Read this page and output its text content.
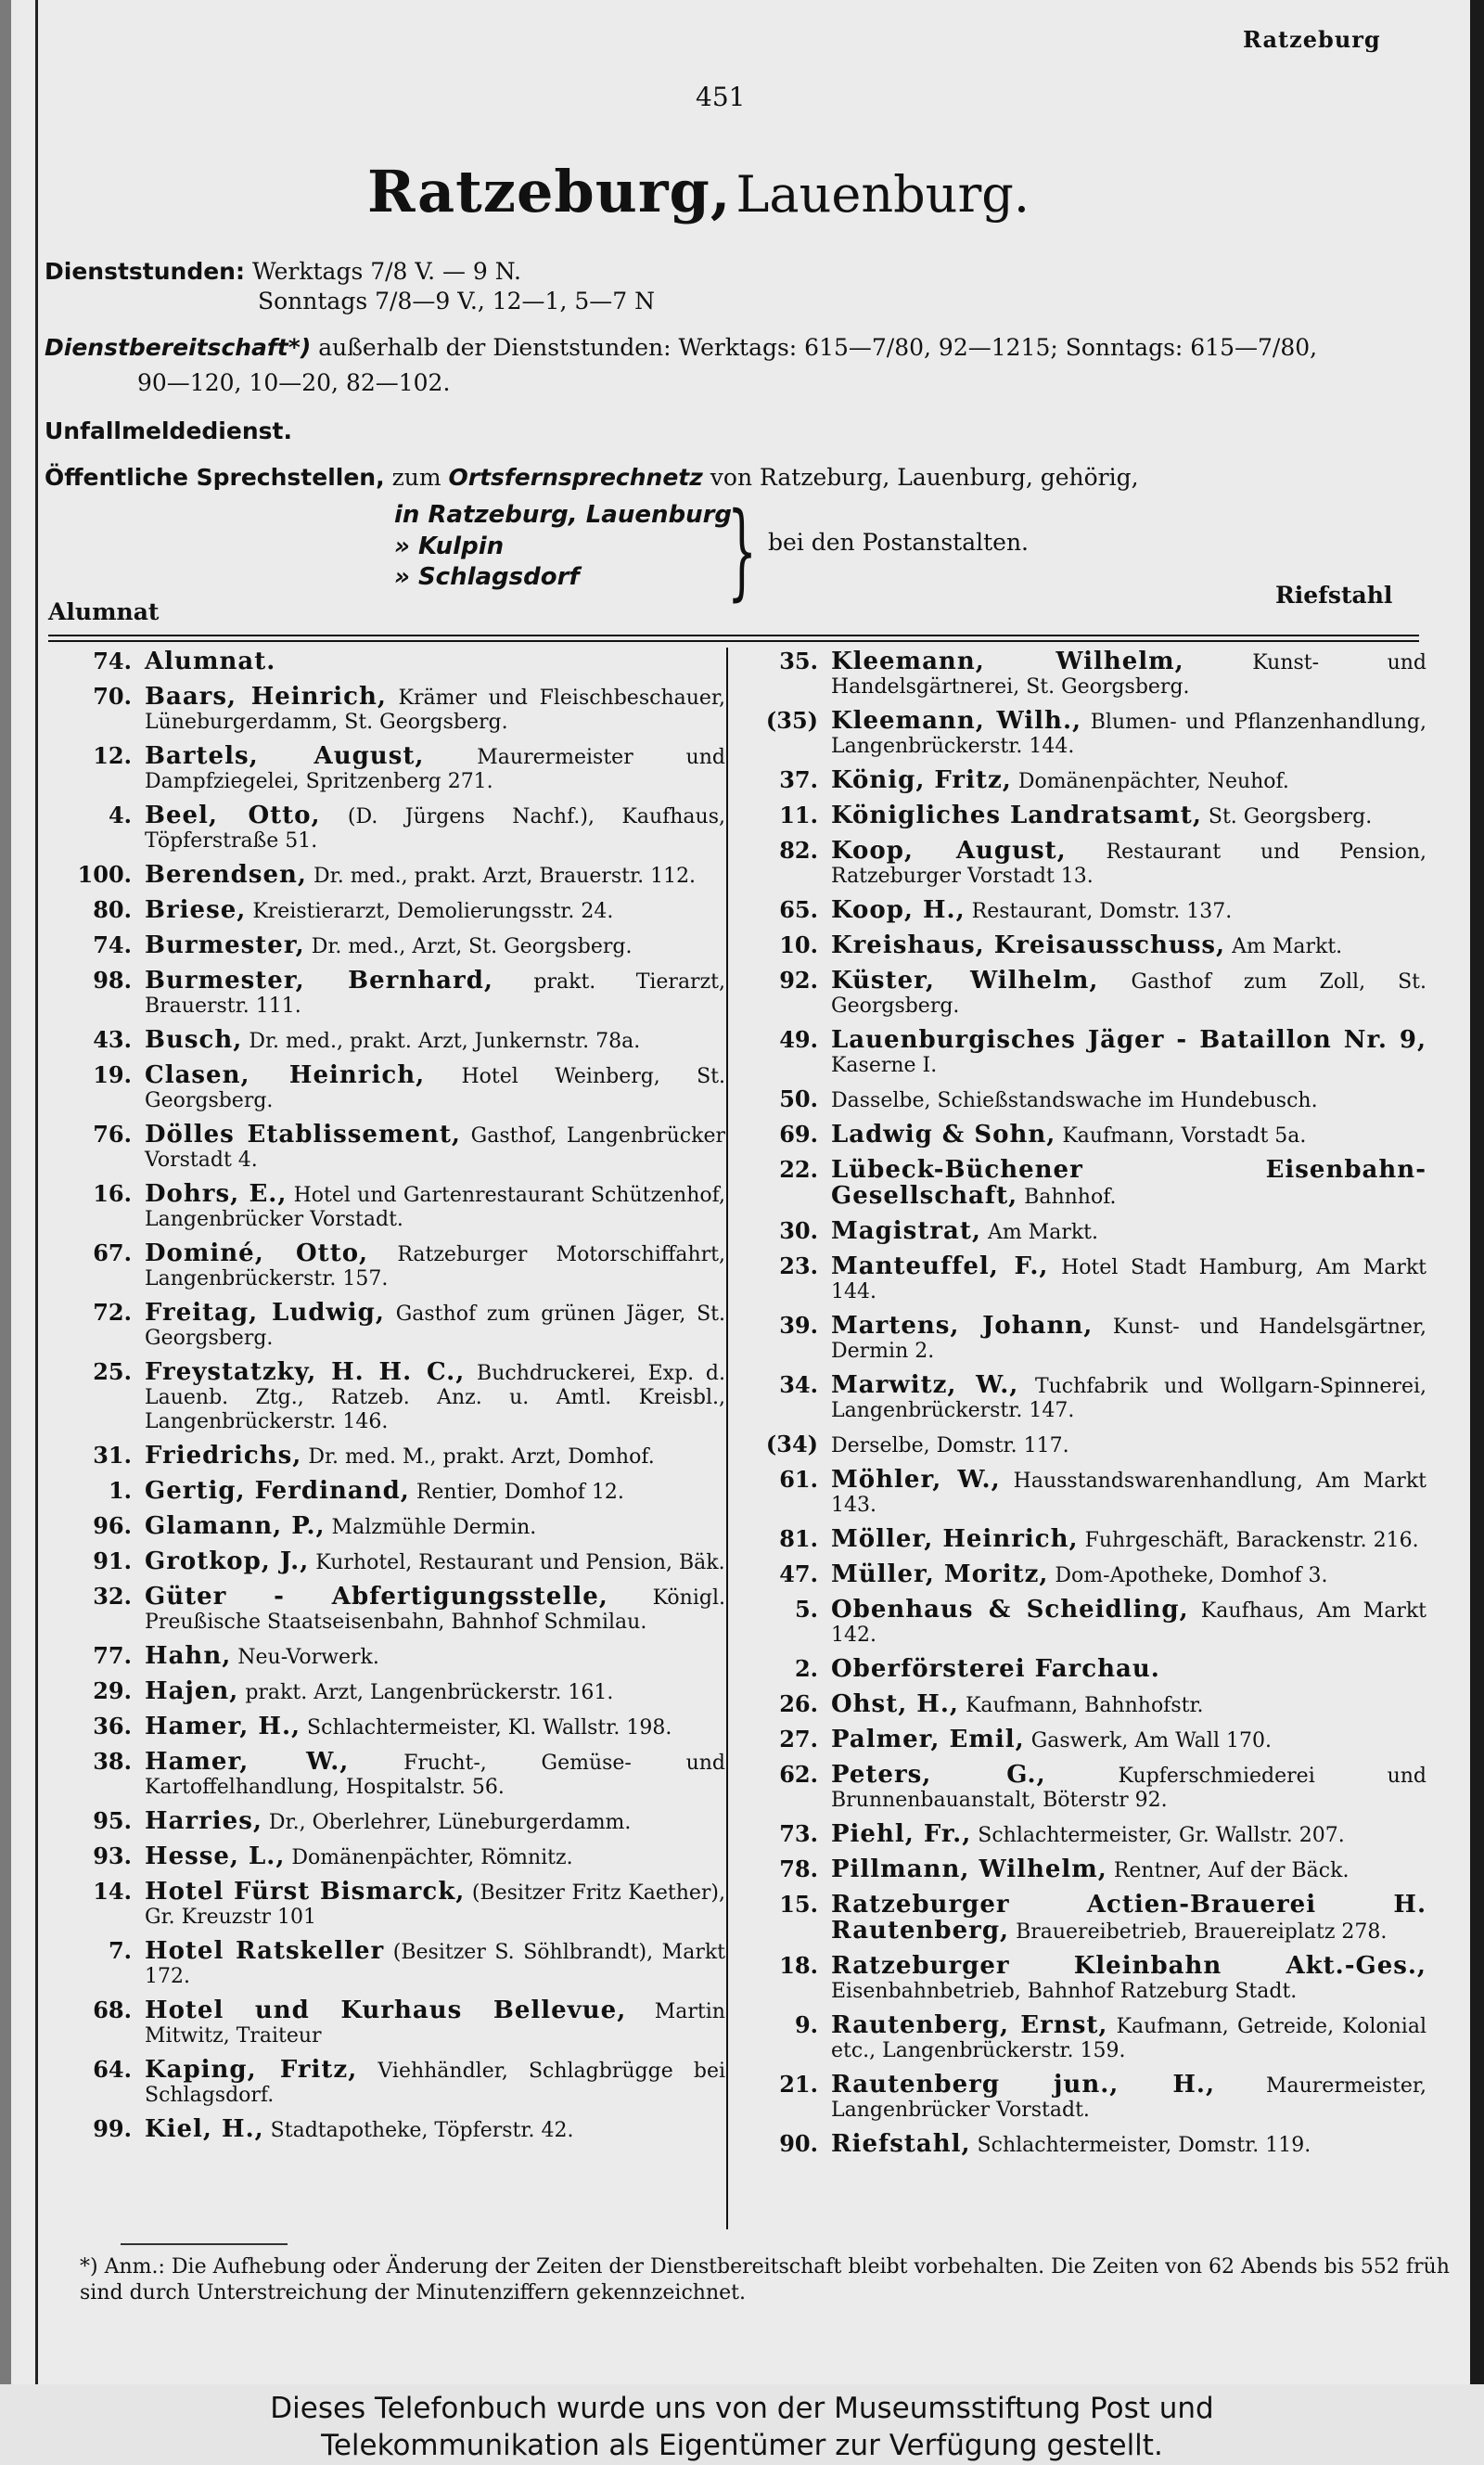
Ratzeburg
451
Ratzeburg, Lauenburg.
Dienststunden: Werktags 7/8 V. — 9 N.
Sonntags 7/8—9 V., 12—1, 5—7 N
Dienstbereitschaft*) außerhalb der Dienststunden: Werktags: 615—7/80, 92—1215; Sonntags: 615—7/80,
90—120, 10—20, 82—102.
Unfallmeldedienst.
Öffentliche Sprechstellen, zum Ortsfernsprechnetz von Ratzeburg, Lauenburg, gehörig,
in Ratzeburg, Lauenburg
» Kulpin
» Schlagsdorf } bei den Postanstalten.
Alumnat
Riefstahl
74. Alumnat.
70. Baars, Heinrich, Krämer und Fleischbeschauer, Lüneburgerdamm, St. Georgsberg.
12. Bartels, August,	Maurermeister und Dampfziegelei, Spritzenberg 271.
4. Beel, Otto, (D. Jürgens Nachf.), Kaufhaus, Töpferstraße 51.
100. Berendsen, Dr. med., prakt. Arzt, Brauerstr. 112.
80. Briese, Kreistierarzt, Demolierungsstr. 24.
74. Burmester, Dr. med., Arzt, St. Georgsberg.
98. Burmester, Bernhard, prakt. Tierarzt, Brauerstr. 111.
43. Busch, Dr. med., prakt. Arzt, Junkernstr. 78a.
19. Clasen, Heinrich, Hotel Weinberg, St. Georgsberg.
76. Dölles Etablissement, Gasthof, Langenbrücker Vorstadt 4.
16. Dohrs, E., Hotel und Gartenrestaurant Schützenhof, Langenbrücker Vorstadt.
67. Dominé, Otto, Ratzeburger Motorschiffahrt, Langenbrückerstr. 157.
72. Freitag, Ludwig, Gasthof zum grünen Jäger, St. Georgsberg.
25. Freystatzky, H. H. C., Buchdruckerei, Exp. d. Lauenb. Ztg., Ratzeb. Anz. u. Amtl. Kreisbl., Langenbrückerstr. 146.
31. Friedrichs, Dr. med. M., prakt. Arzt, Domhof.
1. Gertig, Ferdinand, Rentier, Domhof 12.
96. Glamann, P., Malzmühle Dermin.
91. Grotkop, J., Kurhotel, Restaurant und Pension, Bäk.
32. Güter - Abfertigungsstelle, Königl. Preußische Staatseisenbahn, Bahnhof Schmilau.
77. Hahn, Neu-Vorwerk.
29. Hajen, prakt. Arzt, Langenbrückerstr. 161.
36. Hamer, H., Schlachtermeister, Kl. Wallstr. 198.
38. Hamer, W.,	Frucht-, Gemüse- und Kartoffelhandlung, Hospitalstr. 56.
95. Harries, Dr., Oberlehrer, Lüneburgerdamm.
93. Hesse, L., Domänenpächter, Römnitz.
14. Hotel Fürst Bismarck, (Besitzer Fritz Kaether), Gr. Kreuzstr 101
7. Hotel Ratskeller (Besitzer S. Söhlbrandt), Markt 172.
68. Hotel und Kurhaus Bellevue, Martin Mitwitz, Traiteur
64. Kaping, Fritz, Viehhändler, Schlagbrügge bei Schlagsdorf.
99. Kiel, H., Stadtapotheke, Töpferstr. 42.
35. Kleemann, Wilhelm,	Kunst- und Handelsgärtnerei, St. Georgsberg.
(35) Kleemann, Wilh., Blumen- und Pflanzenhandlung, Langenbrückerstr. 144.
37. König, Fritz, Domänenpächter, Neuhof.
11. Königliches Landratsamt, St. Georgsberg.
82. Koop, August, Restaurant und Pension, Ratzeburger Vorstadt 13.
65. Koop, H., Restaurant, Domstr. 137.
10. Kreishaus, Kreisausschuss, Am Markt.
92. Küster, Wilhelm, Gasthof zum Zoll, St. Georgsberg.
49. Lauenburgisches Jäger - Bataillon Nr. 9, Kaserne I.
50. Dasselbe, Schießstandswache im Hundebusch.
69. Ladwig & Sohn, Kaufmann, Vorstadt 5a.
22. Lübeck-Büchener Eisenbahn-Gesellschaft, Bahnhof.
30. Magistrat, Am Markt.
23. Manteuffel, F., Hotel Stadt Hamburg, Am Markt 144.
39. Martens, Johann, Kunst- und Handelsgärtner, Dermin 2.
34. Marwitz, W., Tuchfabrik und Wollgarn-Spinnerei, Langenbrückerstr. 147.
(34) Derselbe, Domstr. 117.
61. Möhler, W., Hausstandswarenhandlung, Am Markt 143.
81. Möller, Heinrich, Fuhrgeschäft, Barackenstr. 216.
47. Müller, Moritz, Dom-Apotheke, Domhof 3.
5. Obenhaus & Scheidling, Kaufhaus, Am Markt 142.
2. Oberförsterei Farchau.
26. Ohst, H., Kaufmann, Bahnhofstr.
27. Palmer, Emil, Gaswerk, Am Wall 170.
62. Peters, G.,	Kupferschmiederei und Brunnenbauanstalt, Böterstr 92.
73. Piehl, Fr., Schlachtermeister, Gr. Wallstr. 207.
78. Pillmann, Wilhelm, Rentner, Auf der Bäck.
15. Ratzeburger Actien-Brauerei H. Rautenberg, Brauereibetrieb, Brauereiplatz 278.
18. Ratzeburger Kleinbahn Akt.-Ges., Eisenbahnbetrieb, Bahnhof Ratzeburg Stadt.
9. Rautenberg, Ernst, Kaufmann, Getreide, Kolonial etc., Langenbrückerstr. 159.
21. Rautenberg jun., H., Maurermeister, Langenbrücker Vorstadt.
90. Riefstahl, Schlachtermeister, Domstr. 119.
*) Anm.: Die Aufhebung oder Änderung der Zeiten der Dienstbereitschaft bleibt vorbehalten. Die Zeiten von 62 Abends bis 552 früh sind durch Unterstreichung der Minutenziffern gekennzeichnet.
Dieses Telefonbuch wurde uns von der Museumsstiftung Post und
Telekommunikation als Eigentümer zur Verfügung gestellt.
